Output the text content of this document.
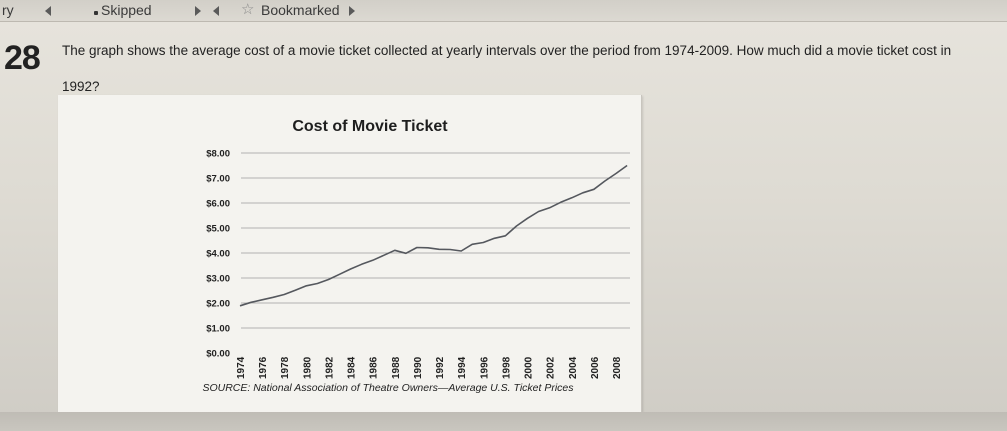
ry	Skipped	☆ Bookmarked
28 The graph shows the average cost of a movie ticket collected at yearly intervals over the period from 1974-2009. How much did a movie ticket cost in
1992?
Cost of Movie Ticket
$0.00
$1.00
$2.00
$3.00
$4.00
$5.00
$6.00
$7.00
$8.00
1974 1976 1978 1980 1982 1984 1986 1988 1990 1992 1994 1996 1998 2000 2002 2004 2006 2008
SOURCE: National Association of Theatre Owners—Average U.S. Ticket Prices
